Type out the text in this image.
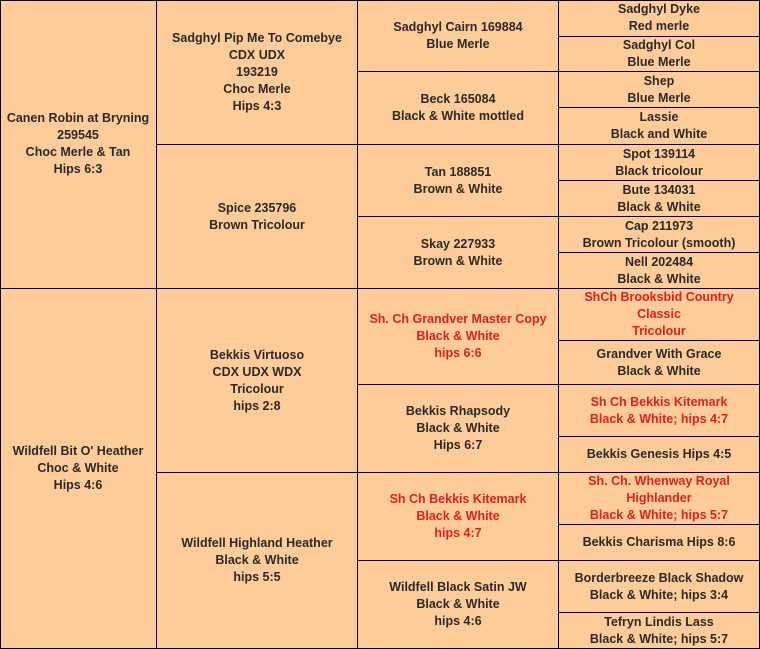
Canen Robin at Bryning
259545
Choc Merle & Tan
Hips 6:3
Sadghyl Pip Me To Comebye
CDX UDX
193219
Choc Merle
Hips 4:3
Sadghyl Cairn 169884
Blue Merle
Sadghyl Dyke
Red merle
Sadghyl Col
Blue Merle
Beck 165084
Black & White mottled
Shep
Blue Merle
Lassie
Black and White
Spice 235796
Brown Tricolour
Tan 188851
Brown & White
Spot 139114
Black tricolour
Bute 134031
Black & White
Skay 227933
Brown & White
Cap 211973
Brown Tricolour (smooth)
Nell 202484
Black & White
Wildfell Bit O' Heather
Choc & White
Hips 4:6
Bekkis Virtuoso
CDX UDX WDX
Tricolour
hips 2:8
Sh. Ch Grandver Master Copy
Black & White
hips 6:6
ShCh Brooksbid Country
Classic
Tricolour
Grandver With Grace
Black & White
Bekkis Rhapsody
Black & White
Hips 6:7
Sh Ch Bekkis Kitemark
Black & White; hips 4:7
Bekkis Genesis Hips 4:5
Wildfell Highland Heather
Black & White
hips 5:5
Sh Ch Bekkis Kitemark
Black & White
hips 4:7
Sh. Ch. Whenway Royal
Highlander
Black & White; hips 5:7
Bekkis Charisma Hips 8:6
Wildfell Black Satin JW
Black & White
hips 4:6
Borderbreeze Black Shadow
Black & White; hips 3:4
Tefryn Lindis Lass
Black & White; hips 5:7
